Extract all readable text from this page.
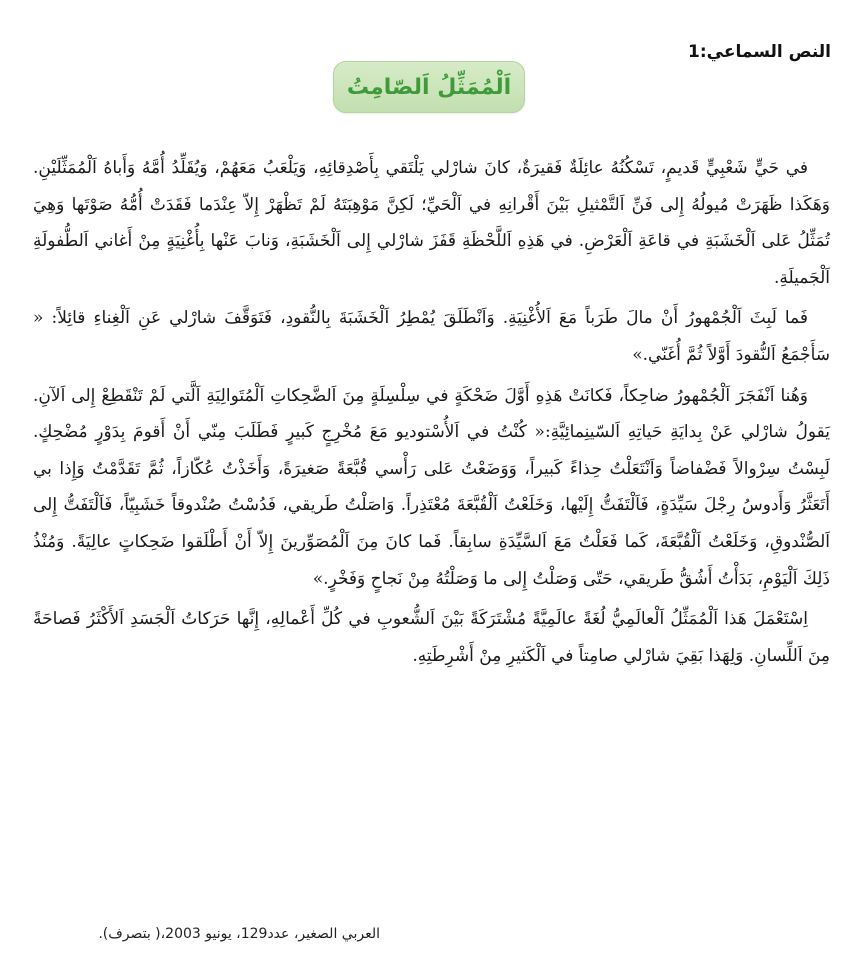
النص السماعي:1
اَلْمُمَثِّلُ اَلصّامِتُ

في حَيٍّ شَعْبِيٍّ قَديمٍ، تَسْكُنُهُ عائِلَةٌ فَقيرَةٌ، كانَ شارْلي يَلْتَقي بِأَصْدِقائِهِ، وَيَلْعَبُ مَعَهُمْ، وَيُقَلِّدُ أُمَّهُ وَأَباهُ اَلْمُمَثِّلَيْنِ. وَهَكَذا ظَهَرَتْ مُيولُهُ إِلى فَنِّ اَلتَّمْثيلِ بَيْنَ أَقْرانِهِ في اَلْحَيِّ؛ لَكِنَّ مَوْهِبَتَهُ لَمْ تَظْهَرْ إِلاّ عِنْدَما فَقَدَتْ أُمُّهُ صَوْتَها وَهِيَ تُمَثِّلُ عَلى اَلْخَشَبَةِ في قاعَةِ اَلْعَرْضِ. في هَذِهِ اَللَّحْظَةِ قَفَزَ شارْلي إِلى اَلْخَشَبَةِ، وَنابَ عَنْها بِأُغْنِيَةٍ مِنْ أَغاني اَلطُّفولَةِ اَلْجَميلَةِ.

فَما لَبِثَ اَلْجُمْهورُ أَنْ مالَ طَرَباً مَعَ اَلأُغْنِيَةِ. وَاَنْطَلَقَ يُمْطِرُ اَلْخَشَبَةَ بِالنُّقودِ، فَتَوَقَّفَ شارْلي عَنِ اَلْغِناءِ قائِلاً: « سَأَجْمَعُ اَلنُّقودَ أَوَّلاً ثُمَّ أُغَنّي.»

وَهُنا اَنْفَجَرَ اَلْجُمْهورُ ضاحِكاً، فَكانَتْ هَذِهِ أَوَّلَ ضَحْكَةٍ في سِلْسِلَةٍ مِنَ اَلضَّحِكاتِ اَلْمُتَوالِيَةِ اَلَّتي لَمْ تَنْقَطِعْ إِلى اَلآنِ. يَقولُ شارْلي عَنْ بِدايَةِ حَياتِهِ اَلسّينِمائِيَّةِ:« كُنْتُ في اَلأُسْتوديو مَعَ مُخْرِجٍ كَبيرٍ فَطَلَبَ مِنّي أَنْ أَقومَ بِدَوْرٍ مُضْحِكٍ. لَبِسْتُ سِرْوالاً فَضْفاضاً وَاَنْتَعَلْتُ حِذاءً كَبيراً، وَوَضَعْتُ عَلى رَأْسي قُبَّعَةً صَغيرَةً، وَأَخَذْتُ عُكّازاً، ثُمَّ تَقَدَّمْتُ وَإِذا بي أَتَعَثَّرُ وَأَدوسُ رِجْلَ سَيِّدَةٍ، فَاَلْتَفَتُّ إِلَيْها، وَخَلَعْتُ اَلْقُبَّعَةَ مُعْتَذِراً. وَاصَلْتُ طَريقي، فَدُسْتُ صُنْدوقاً خَشَبِيّاً، فَاَلْتَفَتُّ إِلى اَلصُّنْدوقِ، وَخَلَعْتُ اَلْقُبَّعَةَ، كَما فَعَلْتُ مَعَ اَلسَّيِّدَةِ سابِقاً. فَما كانَ مِنَ اَلْمُصَوِّرينَ إِلاّ أَنْ أَطْلَقوا ضَحِكاتٍ عالِيَةً. وَمُنْذُ ذَلِكَ اَلْيَوْمِ، بَدَأْتُ أَشُقُّ طَريقي، حَتّى وَصَلْتُ إِلى ما وَصَلْتُهُ مِنْ نَجاحٍ وَفَخْرٍ.»

اِسْتَعْمَلَ هَذا اَلْمُمَثِّلُ اَلْعالَمِيُّ لُغَةً عالَمِيَّةً مُشْتَرَكَةً بَيْنَ اَلشُّعوبِ في كُلِّ أَعْمالِهِ، إِنَّها حَرَكاتُ اَلْجَسَدِ اَلأَكْثَرُ فَصاحَةً مِنَ اَللِّسانِ. وَلِهَذا بَقِيَ شارْلي صامِتاً في اَلْكَثيرِ مِنْ أَشْرِطَتِهِ.

العربي الصغير، عدد129، يونيو 2003،( بتصرف).
